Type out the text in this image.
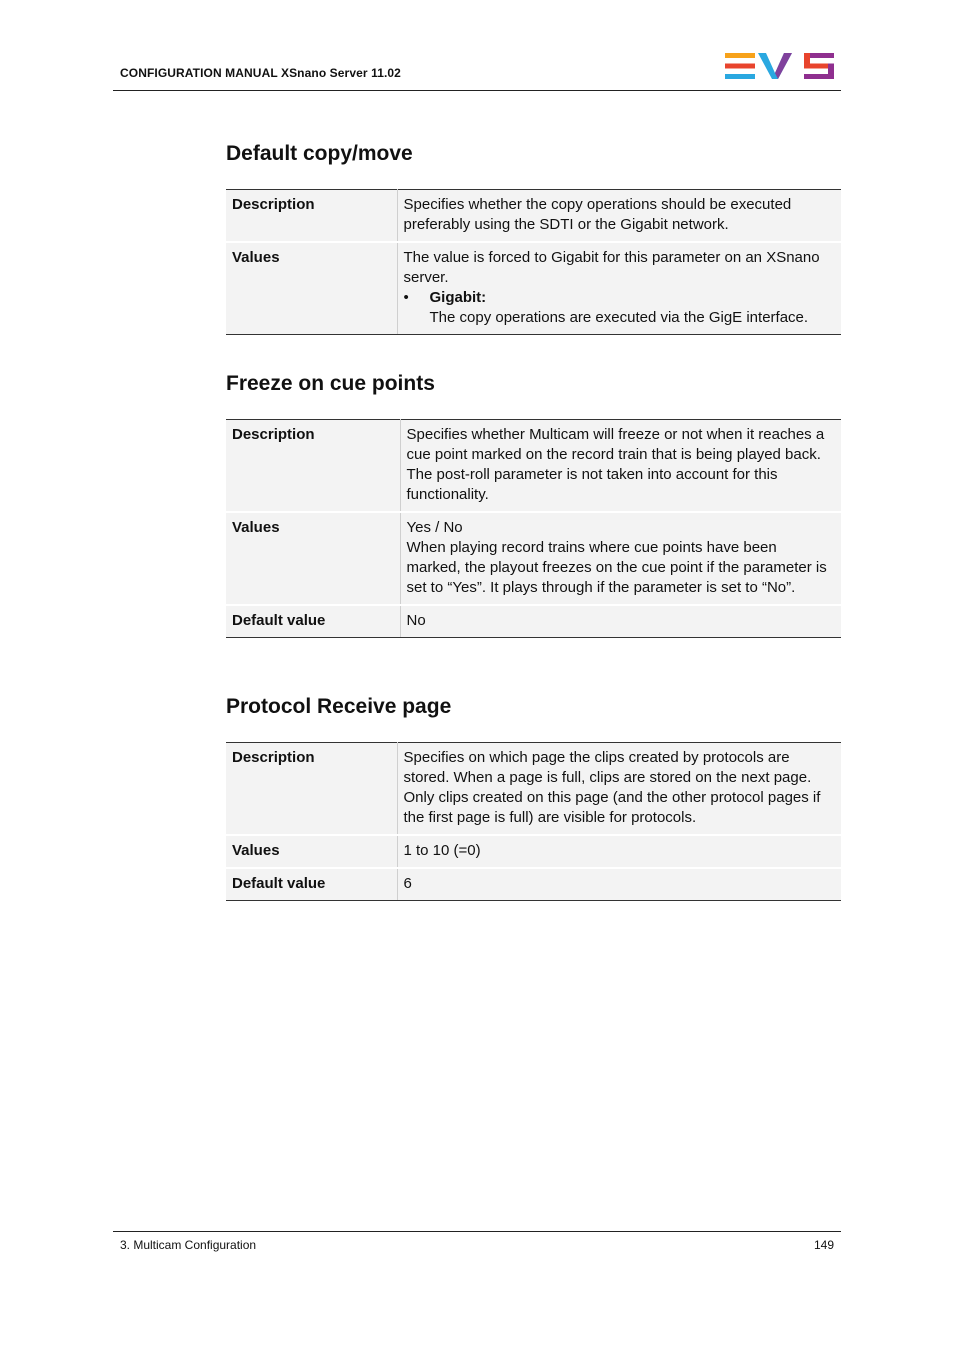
CONFIGURATION MANUAL XSnano Server 11.02
Default copy/move
Description	Specifies whether the copy operations should be executed preferably using the SDTI or the Gigabit network.

Values	The value is forced to Gigabit for this parameter on an XSnano server.
• Gigabit:
The copy operations are executed via the GigE interface.
Freeze on cue points
Description	Specifies whether Multicam will freeze or not when it reaches a cue point marked on the record train that is being played back.
The post-roll parameter is not taken into account for this functionality.

Values	Yes / No
When playing record trains where cue points have been marked, the playout freezes on the cue point if the parameter is set to “Yes”. It plays through if the parameter is set to “No”.

Default value	No
Protocol Receive page
Description	Specifies on which page the clips created by protocols are stored. When a page is full, clips are stored on the next page. Only clips created on this page (and the other protocol pages if the first page is full) are visible for protocols.

Values	1 to 10 (=0)

Default value	6
3. Multicam Configuration	149
